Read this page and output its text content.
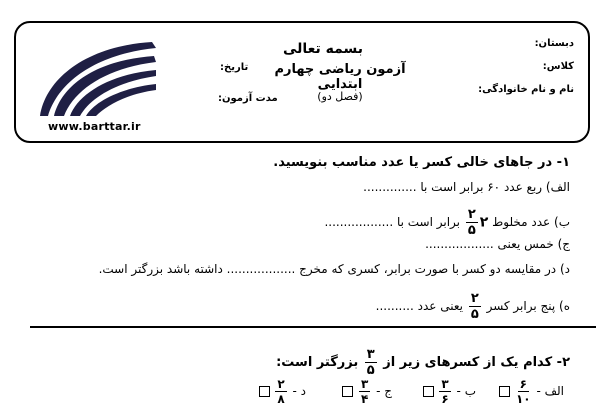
بسمه تعالی
آزمون ریاضی چهارم ابتدایی
(فصل دو)
دبستان:
کلاس:
نام و نام خانوادگی:
تاریخ:
مدت آزمون:
www.barttar.ir
۱- در جاهای خالی کسر یا عدد مناسب بنویسید.
الف) ربع عدد ۶۰ برابر است با ..............
ب) عدد مخلوط ۲
$\frac{۲}{۵}$
برابر است با ..................
ج) خمس یعنی ..................
د) در مقایسه دو کسر با صورت برابر، کسری که مخرج .................. داشته باشد بزرگتر است.
ه) پنج برابر کسر
$\frac{۲}{۵}$
یعنی عدد ..........
۲- کدام یک از کسرهای زیر از
$\frac{۳}{۵}$
بزرگتر است:
الف -
$\frac{۶}{۱۰}$

ب -
$\frac{۳}{۶}$

ج -
$\frac{۳}{۴}$

د -
$\frac{۲}{۸}$
